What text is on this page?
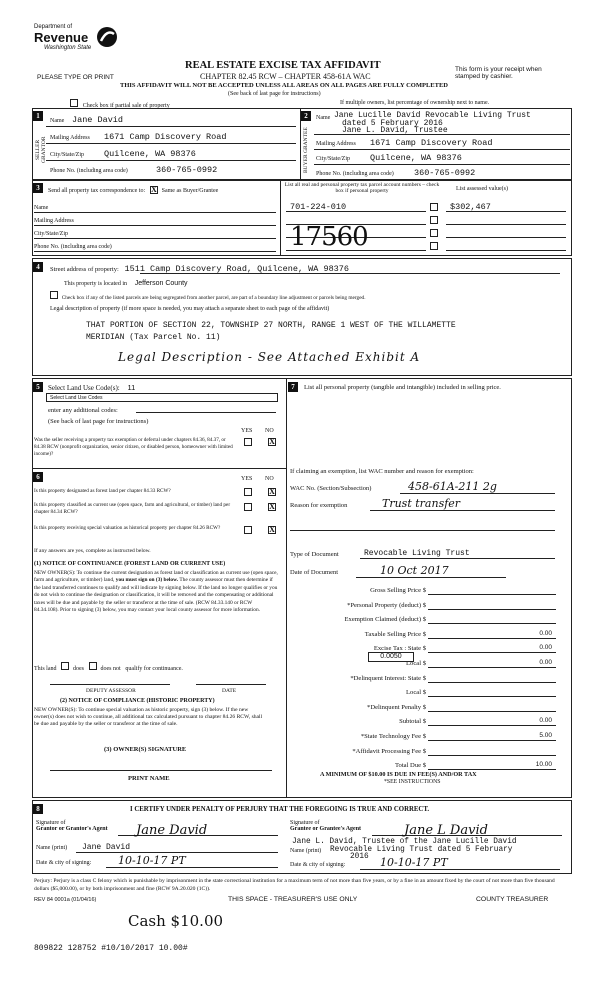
Department of
Revenue
Washington State
PLEASE TYPE OR PRINT
REAL ESTATE EXCISE TAX AFFIDAVIT
CHAPTER 82.45 RCW – CHAPTER 458-61A WAC
This form is your receipt when stamped by cashier.
THIS AFFIDAVIT WILL NOT BE ACCEPTED UNLESS ALL AREAS ON ALL PAGES ARE FULLY COMPLETED
(See back of last page for instructions)
Check box if partial sale of property	If multiple owners, list percentage of ownership next to name.
1
SELLER GRANTOR
Name Jane David
Mailing Address 1671 Camp Discovery Road
City/State/Zip Quilcene, WA 98376
Phone No. (including area code)	360-765-0992
2
BUYER GRANTEE
Name Jane Lucille David Revocable Living Trust
dated 5 February 2016
Jane L. David, Trustee
Mailing Address 1671 Camp Discovery Road
City/State/Zip Quilcene, WA 98376
Phone No. (including area code) 360-765-0992
3	Send all property tax correspondence to: X Same as Buyer/Grantee
Name
Mailing Address
City/State/Zip
Phone No. (including area code)
List all real and personal property tax parcel account numbers – check box if personal property	List assessed value(s)
701-224-010	$302,467
17560
4	Street address of property: 1511 Camp Discovery Road, Quilcene, WA 98376
This property is located in Jefferson County
Check box if any of the listed parcels are being segregated from another parcel, are part of a boundary line adjustment or parcels being merged.
Legal description of property (if more space is needed, you may attach a separate sheet to each page of the affidavit)
THAT PORTION OF SECTION 22, TOWNSHIP 27 NORTH, RANGE 1 WEST OF THE WILLAMETTE
MERIDIAN (Tax Parcel No. 11)
Legal Description - See Attached Exhibit A
5	Select Land Use Code(s): 11
Select Land Use Codes
enter any additional codes:
(See back of last page for instructions)
YES NO
Was the seller receiving a property tax exemption or deferral under chapters 84.36, 84.37, or 84.38 RCW (nonprofit organization, senior citizen, or disabled person, homeowner with limited income)?
X
6	YES NO
Is this property designated as forest land per chapter 84.33 RCW?	X
Is this property classified as current use (open space, farm and agricultural, or timber) land per chapter 84.34 RCW?
X
Is this property receiving special valuation as historical property per chapter 84.26 RCW?	X
If any answers are yes, complete as instructed below.
(1) NOTICE OF CONTINUANCE (FOREST LAND OR CURRENT USE)
NEW OWNER(S): To continue the current designation as forest land or classification as current use (open space, farm and agriculture, or timber) land, you must sign on (3) below. The county assessor must then determine if the land transferred continues to qualify and will indicate by signing below. If the land no longer qualifies or you do not wish to continue the designation or classification, it will be removed and the compensating or additional taxes will be due and payable by the seller or transferor at the time of sale. (RCW 84.33.140 or RCW 84.34.108). Prior to signing (3) below, you may contact your local county assessor for more information.
This land	does	does not qualify for continuance.
DEPUTY ASSESSOR	DATE
(2) NOTICE OF COMPLIANCE (HISTORIC PROPERTY)
NEW OWNER(S): To continue special valuation as historic property, sign (3) below. If the new owner(s) does not wish to continue, all additional tax calculated pursuant to chapter 84.26 RCW, shall be due and payable by the seller or transferor at the time of sale.
(3) OWNER(S) SIGNATURE
PRINT NAME
7	List all personal property (tangible and intangible) included in selling price.
If claiming an exemption, list WAC number and reason for exemption:
WAC No. (Section/Subsection)	458-61A-211 2g
Reason for exemption	Trust transfer
Type of Document	Revocable Living Trust
Date of Document	10 Oct 2017
Gross Selling Price $
*Personal Property (deduct) $
Exemption Claimed (deduct) $
Taxable Selling Price $	0.00
Excise Tax : State $	0.00
Local $	0.00
*Delinquent Interest: State $
Local $
*Delinquent Penalty $
Subtotal $	0.00
*State Technology Fee $	5.00
*Affidavit Processing Fee $
Total Due $	10.00
0.0050
A MINIMUM OF $10.00 IS DUE IN FEE(S) AND/OR TAX
*SEE INSTRUCTIONS
8	I CERTIFY UNDER PENALTY OF PERJURY THAT THE FOREGOING IS TRUE AND CORRECT.
Signature of
Grantor or Grantor's Agent	Jane David
Name (print) Jane David
Date & city of signing: 10-10-17 PT
Signature of
Grantee or Grantee's Agent	Jane L David
Name (print)
Jane L. David, Trustee of the Jane Lucille David
Revocable Living Trust dated 5 February
2016
Date & city of signing:	10-10-17 PT
Perjury: Perjury is a class C felony which is punishable by imprisonment in the state correctional institution for a maximum term of not more than five years, or by a fine in an amount fixed by the court of not more than five thousand dollars ($5,000.00), or by both imprisonment and fine (RCW 9A.20.020 (1C)).
REV 84 0001a (01/04/16)	THIS SPACE - TREASURER'S USE ONLY	COUNTY TREASURER
Cash $10.00
809822 128752 #10/10/2017 10.00#
